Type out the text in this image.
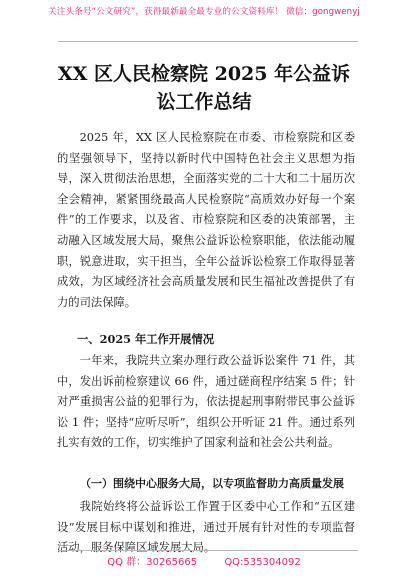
关注头条号“公文研究”，获得最新最全最专业的公文资料库！ 微信：gongwenyj
XX 区人民检察院 2025 年公益诉讼工作总结

2025 年，XX 区人民检察院在市委、市检察院和区委的坚强领导下，坚持以新时代中国特色社会主义思想为指导，深入贯彻法治思想，全面落实党的二十大和二十届历次全会精神，紧紧围绕最高人民检察院“高质效办好每一个案件”的工作要求，以及省、市检察院和区委的决策部署，主动融入区域发展大局，聚焦公益诉讼检察职能，依法能动履职，锐意进取，实干担当，全年公益诉讼检察工作取得显著成效，为区域经济社会高质量发展和民生福祉改善提供了有力的司法保障。

一、2025 年工作开展情况

一年来，我院共立案办理行政公益诉讼案件 71 件，其中，发出诉前检察建议 66 件，通过磋商程序结案 5 件；针对严重损害公益的犯罪行为，依法提起刑事附带民事公益诉讼 1 件；坚持“应听尽听”，组织公开听证 21 件。通过系列扎实有效的工作，切实维护了国家利益和社会公共利益。

（一）围绕中心服务大局，以专项监督助力高质量发展

我院始终将公益诉讼工作置于区委中心工作和“五区建设”发展目标中谋划和推进，通过开展有针对性的专项监督活动，服务保障区域发展大局。

QQ 群：30265665	QQ:535304092
